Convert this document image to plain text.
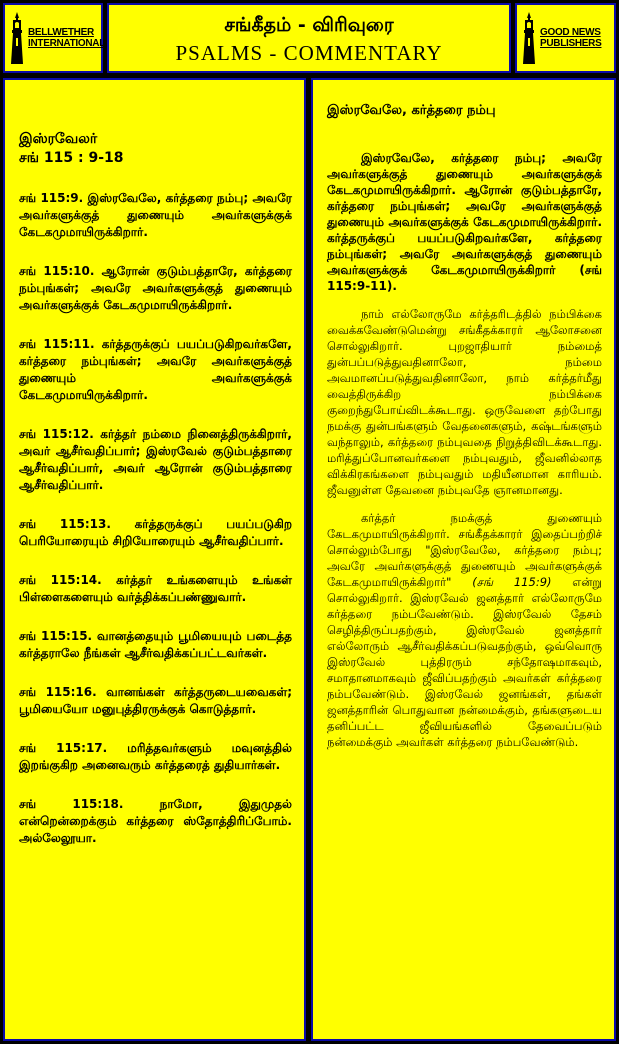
BELLWETHER
INTERNATIONAL
சங்கீதம் - விரிவுரை
PSALMS - COMMENTARY
GOOD NEWS
PUBLISHERS
இஸ்ரவேலர்
சங் 115 : 9-18
சங் 115:9. இஸ்ரவேலே, கர்த்தரை நம்பு; அவரே அவர்களுக்குத் துணையும் அவர்களுக்குக் கேடகமுமாயிருக்கிறார்.
சங் 115:10. ஆரோன் குடும்பத்தாரே, கர்த்தரை நம்புங்கள்; அவரே அவர்களுக்குத் துணையும் அவர்களுக்குக் கேடகமுமாயிருக்கிறார்.
சங் 115:11. கர்த்தருக்குப் பயப்படுகிறவர்களே, கர்த்தரை நம்புங்கள்; அவரே அவர்களுக்குத் துணையும் அவர்களுக்குக் கேடகமுமாயிருக்கிறார்.
சங் 115:12. கர்த்தர் நம்மை நினைத்திருக்கிறார், அவர் ஆசீர்வதிப்பார்; இஸ்ரவேல் குடும்பத்தாரை ஆசீர்வதிப்பார், அவர் ஆரோன் குடும்பத்தாரை ஆசீர்வதிப்பார்.
சங் 115:13. கர்த்தருக்குப் பயப்படுகிற பெரியோரையும் சிறியோரையும் ஆசீர்வதிப்பார்.
சங் 115:14. கர்த்தர் உங்களையும் உங்கள் பிள்ளைகளையும் வர்த்திக்கப்பண்ணுவார்.
சங் 115:15. வானத்தையும் பூமியையும் படைத்த கர்த்தராலே நீங்கள் ஆசீர்வதிக்கப்பட்டவர்கள்.
சங் 115:16. வானங்கள் கர்த்தருடையவைகள்; பூமியையோ மனுபுத்திரருக்குக் கொடுத்தார்.
சங் 115:17. மரித்தவர்களும் மவுனத்தில் இறங்குகிற அனைவரும் கர்த்தரைத் துதியார்கள்.
சங் 115:18. நாமோ, இதுமுதல் என்றென்றைக்கும் கர்த்தரை ஸ்தோத்திரிப்போம். அல்லேலூயா.
இஸ்ரவேலே, கர்த்தரை நம்பு
இஸ்ரவேலே, கர்த்தரை நம்பு; அவரே அவர்களுக்குத் துணையும் அவர்களுக்குக் கேடகமுமாயிருக்கிறார். ஆரோன் குடும்பத்தாரே, கர்த்தரை நம்புங்கள்; அவரே அவர்களுக்குத் துணையும் அவர்களுக்குக் கேடகமுமாயிருக்கிறார். கர்த்தருக்குப் பயப்படுகிறவர்களே, கர்த்தரை நம்புங்கள்; அவரே அவர்களுக்குத் துணையும் அவர்களுக்குக் கேடகமுமாயிருக்கிறார் (சங் 115:9-11).
நாம் எல்லோருமே கர்த்தரிடத்தில் நம்பிக்கை வைக்கவேண்டுமென்று சங்கீதக்காரர் ஆலோசனை சொல்லுகிறார். புறஜாதியார் நம்மைத் துன்பப்படுத்துவதினாலோ, நம்மை அவமானப்படுத்துவதினாலோ, நாம் கர்த்தர்மீது வைத்திருக்கிற நம்பிக்கை குறைந்துபோய்விடக்கூடாது. ஒருவேளை தற்போது நமக்கு துன்பங்களும் வேதனைகளும், கஷ்டங்களும் வந்தாலும், கர்த்தரை நம்புவதை நிறுத்திவிடக்கூடாது. மரித்துப்போனவர்களை நம்புவதும், ஜீவனில்லாத விக்கிரகங்களை நம்புவதும் மதியீனமான காரியம். ஜீவனுள்ள தேவனை நம்புவதே ஞானமானது.
கர்த்தர் நமக்குத் துணையும் கேடகமுமாயிருக்கிறார். சங்கீதக்காரர் இதைப்பற்றிச் சொல்லும்போது "இஸ்ரவேலே, கர்த்தரை நம்பு; அவரே அவர்களுக்குத் துணையும் அவர்களுக்குக் கேடகமுமாயிருக்கிறார்" (சங் 115:9) என்று சொல்லுகிறார். இஸ்ரவேல் ஜனத்தார் எல்லோருமே கர்த்தரை நம்பவேண்டும். இஸ்ரவேல் தேசம் செழித்திருப்பதற்கும், இஸ்ரவேல் ஜனத்தார் எல்லோரும் ஆசீர்வதிக்கப்படுவதற்கும், ஒவ்வொரு இஸ்ரவேல் புத்திரரும் சந்தோஷமாகவும், சமாதானமாகவும் ஜீவிப்பதற்கும் அவர்கள் கர்த்தரை நம்பவேண்டும். இஸ்ரவேல் ஜனங்கள், தங்கள் ஜனத்தாரின் பொதுவான நன்மைக்கும், தங்களுடைய தனிப்பட்ட ஜீவியங்களில் தேவைப்படும் நன்மைக்கும் அவர்கள் கர்த்தரை நம்பவேண்டும்.
